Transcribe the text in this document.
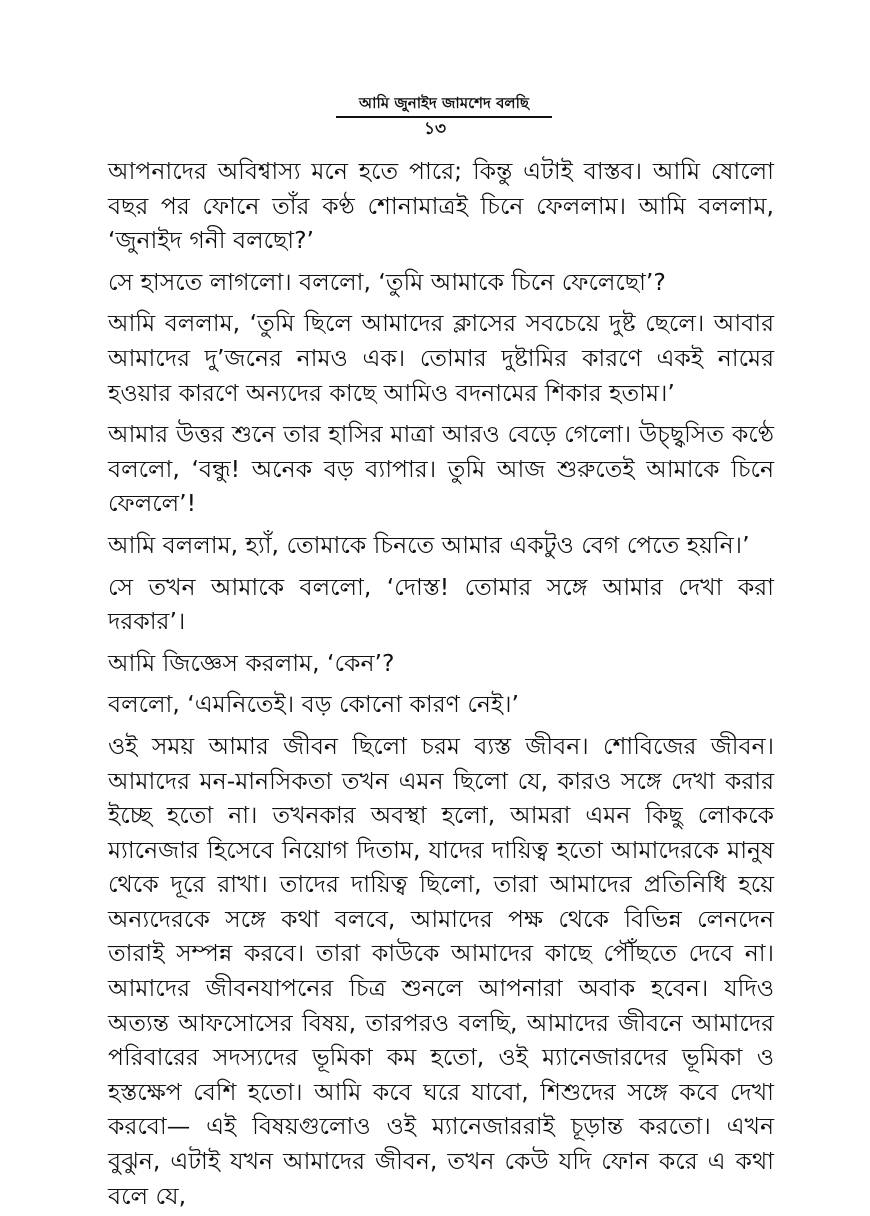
আমি জুনাইদ জামশেদ বলছি
১৩

আপনাদের অবিশ্বাস্য মনে হতে পারে; কিন্তু এটাই বাস্তব। আমি ষোলো বছর পর ফোনে তাঁর কণ্ঠ শোনামাত্রই চিনে ফেললাম। আমি বললাম, ‘জুনাইদ গনী বলছো?’

সে হাসতে লাগলো। বললো, ‘তুমি আমাকে চিনে ফেলেছো’?

আমি বললাম, ‘তুমি ছিলে আমাদের ক্লাসের সবচেয়ে দুষ্ট ছেলে। আবার আমাদের দু’জনের নামও এক। তোমার দুষ্টামির কারণে একই নামের হওয়ার কারণে অন্যদের কাছে আমিও বদনামের শিকার হতাম।’

আমার উত্তর শুনে তার হাসির মাত্রা আরও বেড়ে গেলো। উচ্ছ্বসিত কণ্ঠে বললো, ‘বন্ধু! অনেক বড় ব্যাপার। তুমি আজ শুরুতেই আমাকে চিনে ফেললে’!

আমি বললাম, হ্যাঁ, তোমাকে চিনতে আমার একটুও বেগ পেতে হয়নি।’

সে তখন আমাকে বললো, ‘দোস্ত! তোমার সঙ্গে আমার দেখা করা দরকার’।

আমি জিজ্ঞেস করলাম, ‘কেন’?

বললো, ‘এমনিতেই। বড় কোনো কারণ নেই।’

ওই সময় আমার জীবন ছিলো চরম ব্যস্ত জীবন। শোবিজের জীবন। আমাদের মন-মানসিকতা তখন এমন ছিলো যে, কারও সঙ্গে দেখা করার ইচ্ছে হতো না। তখনকার অবস্থা হলো, আমরা এমন কিছু লোককে ম্যানেজার হিসেবে নিয়োগ দিতাম, যাদের দায়িত্ব হতো আমাদেরকে মানুষ থেকে দূরে রাখা। তাদের দায়িত্ব ছিলো, তারা আমাদের প্রতিনিধি হয়ে অন্যদেরকে সঙ্গে কথা বলবে, আমাদের পক্ষ থেকে বিভিন্ন লেনদেন তারাই সম্পন্ন করবে। তারা কাউকে আমাদের কাছে পৌঁছতে দেবে না। আমাদের জীবনযাপনের চিত্র শুনলে আপনারা অবাক হবেন। যদিও অত্যন্ত আফসোসের বিষয়, তারপরও বলছি, আমাদের জীবনে আমাদের পরিবারের সদস্যদের ভূমিকা কম হতো, ওই ম্যানেজারদের ভূমিকা ও হস্তক্ষেপ বেশি হতো। আমি কবে ঘরে যাবো, শিশুদের সঙ্গে কবে দেখা করবো— এই বিষয়গুলোও ওই ম্যানেজাররাই চূড়ান্ত করতো। এখন বুঝুন, এটাই যখন আমাদের জীবন, তখন কেউ যদি ফোন করে এ কথা বলে যে,
